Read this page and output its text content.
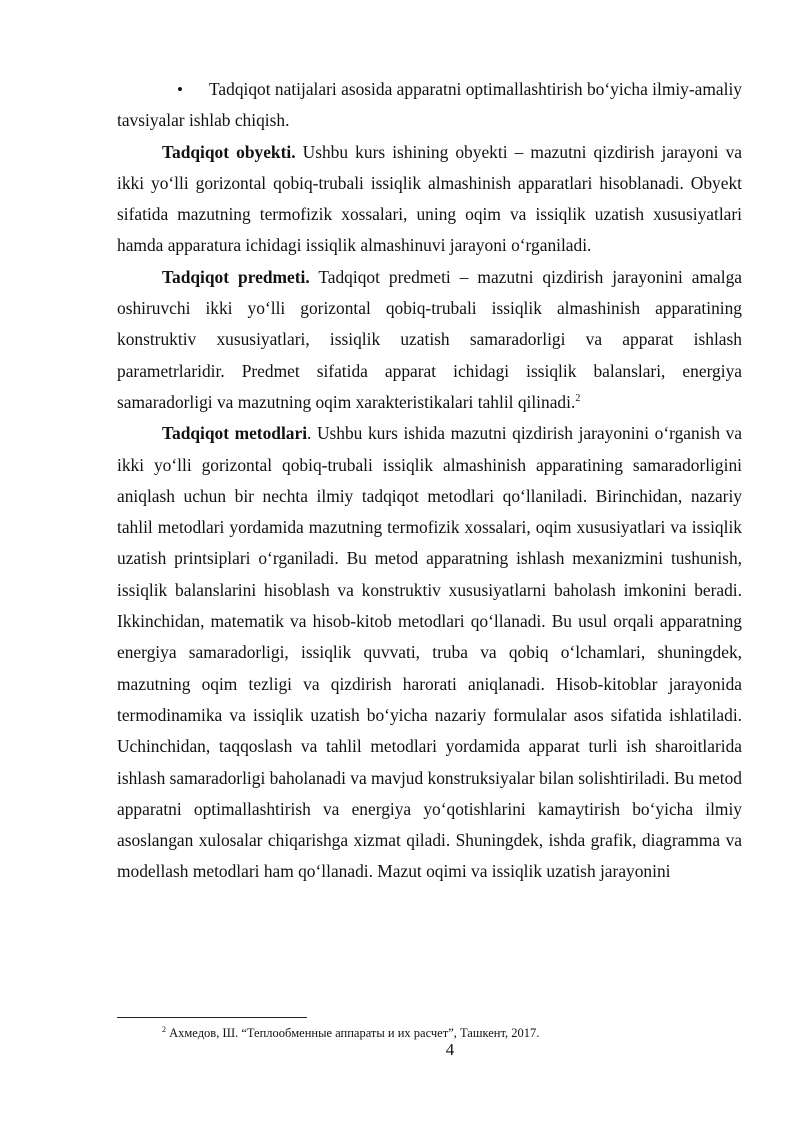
• Tadqiqot natijalari asosida apparatni optimallashtirish bo‘yicha ilmiy-amaliy tavsiyalar ishlab chiqish.

Tadqiqot obyekti. Ushbu kurs ishining obyekti – mazutni qizdirish jarayoni va ikki yo‘lli gorizontal qobiq-trubali issiqlik almashinish apparatlari hisoblanadi. Obyekt sifatida mazutning termofizik xossalari, uning oqim va issiqlik uzatish xususiyatlari hamda apparatura ichidagi issiqlik almashinuvi jarayoni o‘rganiladi.

Tadqiqot predmeti. Tadqiqot predmeti – mazutni qizdirish jarayonini amalga oshiruvchi ikki yo‘lli gorizontal qobiq-trubali issiqlik almashinish apparatining konstruktiv xususiyatlari, issiqlik uzatish samaradorligi va apparat ishlash parametrlaridir. Predmet sifatida apparat ichidagi issiqlik balanslari, energiya samaradorligi va mazutning oqim xarakteristikalari tahlil qilinadi.$^2$

Tadqiqot metodlari. Ushbu kurs ishida mazutni qizdirish jarayonini o‘rganish va ikki yo‘lli gorizontal qobiq-trubali issiqlik almashinish apparatining samaradorligini aniqlash uchun bir nechta ilmiy tadqiqot metodlari qo‘llaniladi. Birinchidan, nazariy tahlil metodlari yordamida mazutning termofizik xossalari, oqim xususiyatlari va issiqlik uzatish printsiplari o‘rganiladi. Bu metod apparatning ishlash mexanizmini tushunish, issiqlik balanslarini hisoblash va konstruktiv xususiyatlarni baholash imkonini beradi. Ikkinchidan, matematik va hisob-kitob metodlari qo‘llanadi. Bu usul orqali apparatning energiya samaradorligi, issiqlik quvvati, truba va qobiq o‘lchamlari, shuningdek, mazutning oqim tezligi va qizdirish harorati aniqlanadi. Hisob-kitoblar jarayonida termodinamika va issiqlik uzatish bo‘yicha nazariy formulalar asos sifatida ishlatiladi. Uchinchidan, taqqoslash va tahlil metodlari yordamida apparat turli ish sharoitlarida ishlash samaradorligi baholanadi va mavjud konstruksiyalar bilan solishtiriladi. Bu metod apparatni optimallashtirish va energiya yo‘qotishlarini kamaytirish bo‘yicha ilmiy asoslangan xulosalar chiqarishga xizmat qiladi. Shuningdek, ishda grafik, diagramma va modellash metodlari ham qo‘llanadi. Mazut oqimi va issiqlik uzatish jarayonini

$^2$ Ахмедов, Ш. “Теплообменные аппараты и их расчет”, Ташкент, 2017.
4
